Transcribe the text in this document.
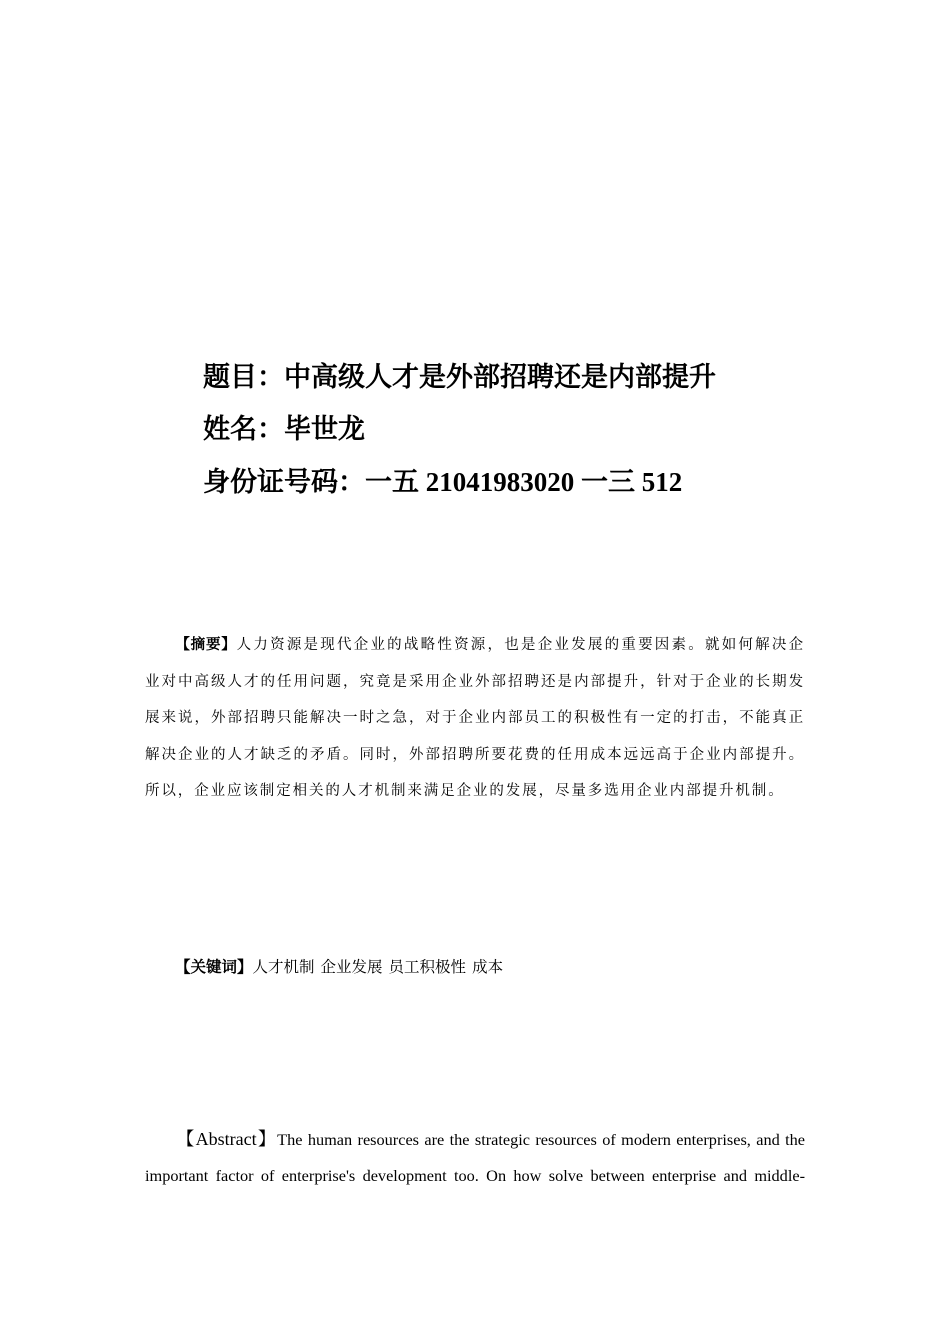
题目：中高级人才是外部招聘还是内部提升
姓名：毕世龙
身份证号码：一五 21041983020 一三 512
【摘要】人力资源是现代企业的战略性资源，也是企业发展的重要因素。就如何解决企业对中高级人才的任用问题，究竟是采用企业外部招聘还是内部提升，针对于企业的长期发展来说，外部招聘只能解决一时之急，对于企业内部员工的积极性有一定的打击，不能真正解决企业的人才缺乏的矛盾。同时，外部招聘所要花费的任用成本远远高于企业内部提升。所以，企业应该制定相关的人才机制来满足企业的发展，尽量多选用企业内部提升机制。
【关键词】人才机制 企业发展 员工积极性 成本
【Abstract】The human resources are the strategic resources of modern enterprises, and the important factor of enterprise's development too. On how solve between enterprise and middle-
